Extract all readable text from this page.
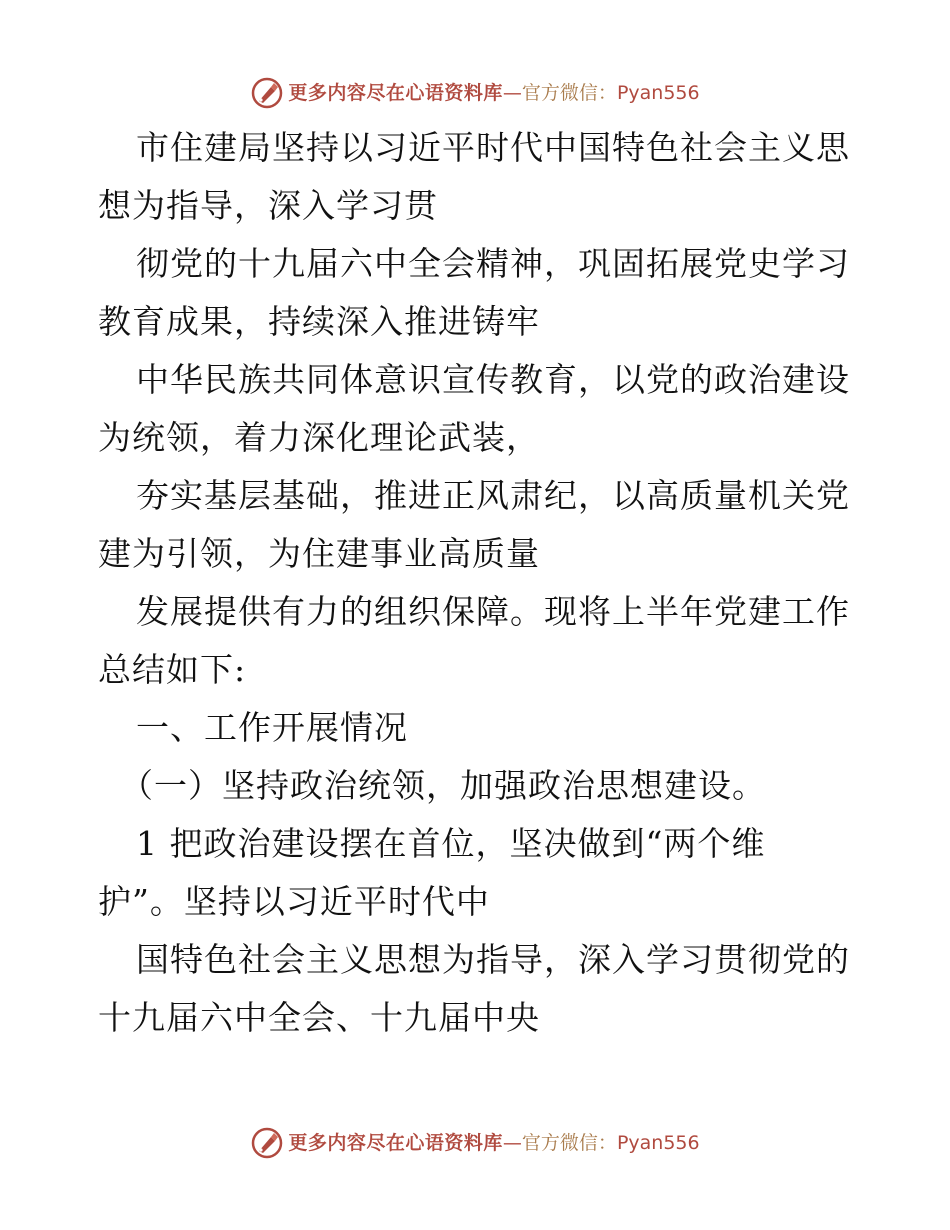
更多内容尽在心语资料库 — 官方微信： Pyan556
市住建局坚持以习近平时代中国特色社会主义思
想为指导，深入学习贯
彻党的十九届六中全会精神，巩固拓展党史学习
教育成果，持续深入推进铸牢
中华民族共同体意识宣传教育，以党的政治建设
为统领，着力深化理论武装，
夯实基层基础，推进正风肃纪，以高质量机关党
建为引领，为住建事业高质量
发展提供有力的组织保障。现将上半年党建工作
总结如下:
一、工作开展情况
（一）坚持政治统领，加强政治思想建设。
1 把政治建设摆在首位，坚决做到“两个维
护”。坚持以习近平时代中
国特色社会主义思想为指导，深入学习贯彻党的
十九届六中全会、十九届中央
更多内容尽在心语资料库 — 官方微信： Pyan556
